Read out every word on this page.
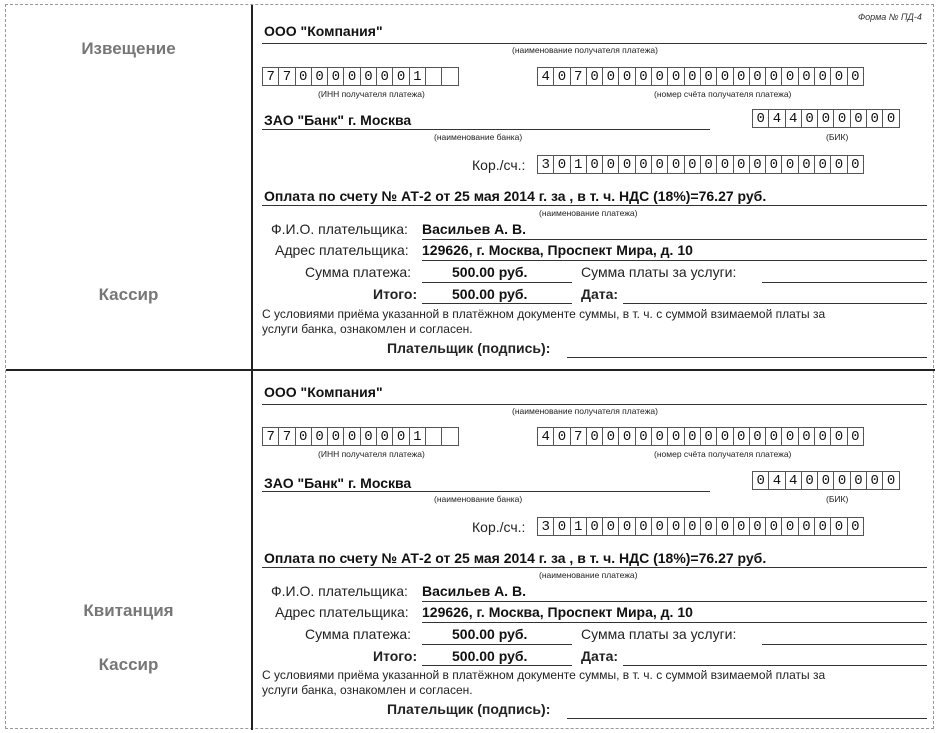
Извещение
Кассир
Квитанция
Кассир
Форма № ПД-4
ООО "Компания"
(наименование получателя платежа)
7 7 0 0 0 0 0 0 0 1
(ИНН получателя платежа)
4 0 7 0 0 0 0 0 0 0 0 0 0 0 0 0 0 0 0 0
(номер счёта получателя платежа)
ЗАО "Банк" г. Москва
(наименование банка)
0 4 4 0 0 0 0 0 0
(БИК)
Кор./сч.:	3 0 1 0 0 0 0 0 0 0 0 0 0 0 0 0 0 0 0 0
Оплата по счету № АТ-2 от 25 мая 2014 г. за , в т. ч. НДС (18%)=76.27 руб.
(наименование платежа)
Ф.И.О. плательщика: Васильев А. В.
Адрес плательщика: 129626, г. Москва, Проспект Мира, д. 10
Сумма платежа:	500.00 руб.	Сумма платы за услуги:
Итого: 500.00 руб.	Дата:
С условиями приёма указанной в платёжном документе суммы, в т. ч. с суммой взимаемой платы за
услуги банка, ознакомлен и согласен.
Плательщик (подпись):
ООО "Компания"
(наименование получателя платежа)
7 7 0 0 0 0 0 0 0 1
(ИНН получателя платежа)
4 0 7 0 0 0 0 0 0 0 0 0 0 0 0 0 0 0 0 0
(номер счёта получателя платежа)
ЗАО "Банк" г. Москва
(наименование банка)
0 4 4 0 0 0 0 0 0
(БИК)
Кор./сч.:	3 0 1 0 0 0 0 0 0 0 0 0 0 0 0 0 0 0 0 0
Оплата по счету № АТ-2 от 25 мая 2014 г. за , в т. ч. НДС (18%)=76.27 руб.
(наименование платежа)
Ф.И.О. плательщика: Васильев А. В.
Адрес плательщика: 129626, г. Москва, Проспект Мира, д. 10
Сумма платежа:	500.00 руб.	Сумма платы за услуги:
Итого: 500.00 руб.	Дата:
С условиями приёма указанной в платёжном документе суммы, в т. ч. с суммой взимаемой платы за
услуги банка, ознакомлен и согласен.
Плательщик (подпись):
